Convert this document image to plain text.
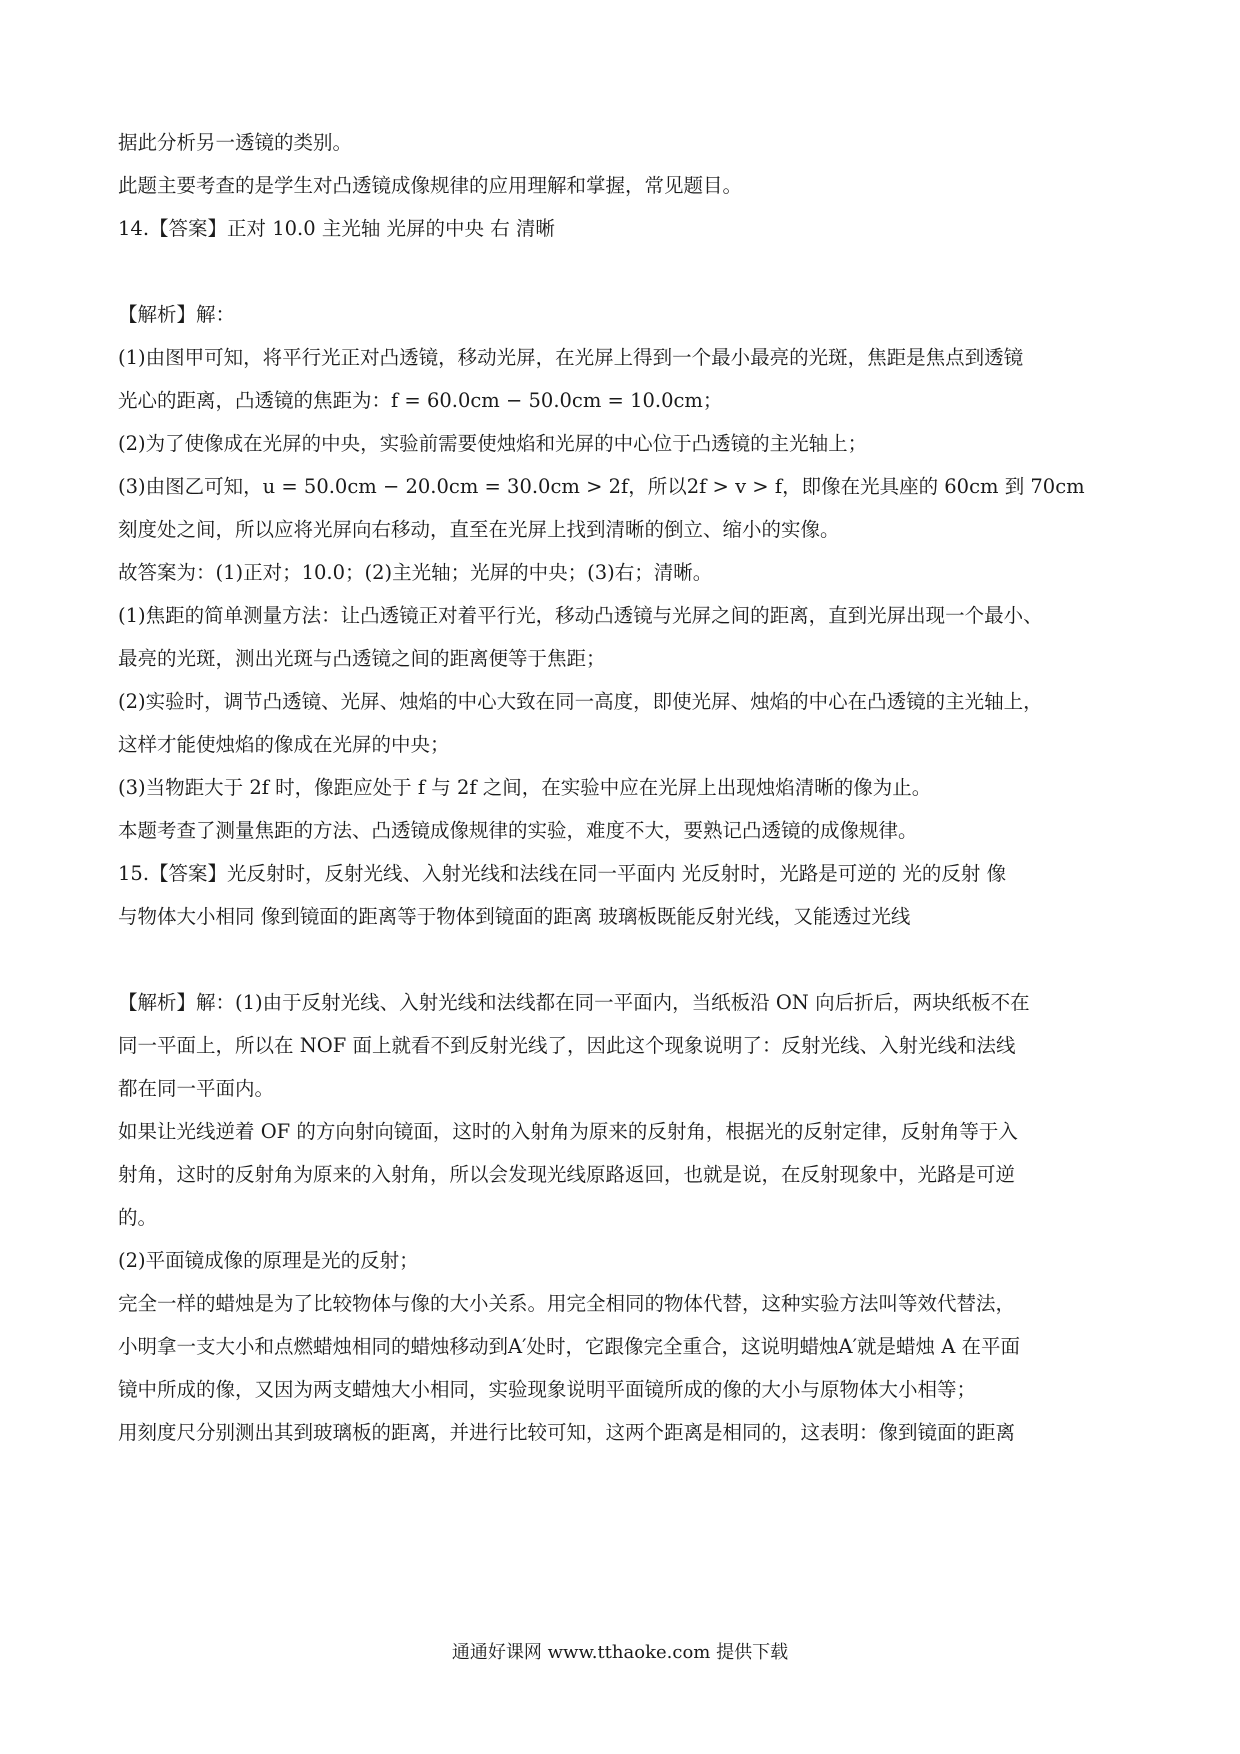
据此分析另一透镜的类别。
此题主要考查的是学生对凸透镜成像规律的应用理解和掌握，常见题目。
14.【答案】正对 10.0 主光轴 光屏的中央 右 清晰
【解析】解：
(1)由图甲可知，将平行光正对凸透镜，移动光屏，在光屏上得到一个最小最亮的光斑，焦距是焦点到透镜
光心的距离，凸透镜的焦距为：f = 60.0cm − 50.0cm = 10.0cm；
(2)为了使像成在光屏的中央，实验前需要使烛焰和光屏的中心位于凸透镜的主光轴上；
(3)由图乙可知，u = 50.0cm − 20.0cm = 30.0cm > 2f，所以2f > v > f，即像在光具座的 60cm 到 70cm
刻度处之间，所以应将光屏向右移动，直至在光屏上找到清晰的倒立、缩小的实像。
故答案为：(1)正对；10.0；(2)主光轴；光屏的中央；(3)右；清晰。
(1)焦距的简单测量方法：让凸透镜正对着平行光，移动凸透镜与光屏之间的距离，直到光屏出现一个最小、
最亮的光斑，测出光斑与凸透镜之间的距离便等于焦距；
(2)实验时，调节凸透镜、光屏、烛焰的中心大致在同一高度，即使光屏、烛焰的中心在凸透镜的主光轴上，
这样才能使烛焰的像成在光屏的中央；
(3)当物距大于 2f 时，像距应处于 f 与 2f 之间，在实验中应在光屏上出现烛焰清晰的像为止。
本题考查了测量焦距的方法、凸透镜成像规律的实验，难度不大，要熟记凸透镜的成像规律。
15.【答案】光反射时，反射光线、入射光线和法线在同一平面内 光反射时，光路是可逆的 光的反射 像
与物体大小相同 像到镜面的距离等于物体到镜面的距离 玻璃板既能反射光线，又能透过光线
【解析】解：(1)由于反射光线、入射光线和法线都在同一平面内，当纸板沿 ON 向后折后，两块纸板不在
同一平面上，所以在 NOF 面上就看不到反射光线了，因此这个现象说明了：反射光线、入射光线和法线
都在同一平面内。
如果让光线逆着 OF 的方向射向镜面，这时的入射角为原来的反射角，根据光的反射定律，反射角等于入
射角，这时的反射角为原来的入射角，所以会发现光线原路返回，也就是说，在反射现象中，光路是可逆
的。
(2)平面镜成像的原理是光的反射；
完全一样的蜡烛是为了比较物体与像的大小关系。用完全相同的物体代替，这种实验方法叫等效代替法，
小明拿一支大小和点燃蜡烛相同的蜡烛移动到A′处时，它跟像完全重合，这说明蜡烛A′就是蜡烛 A 在平面
镜中所成的像，又因为两支蜡烛大小相同，实验现象说明平面镜所成的像的大小与原物体大小相等；
用刻度尺分别测出其到玻璃板的距离，并进行比较可知，这两个距离是相同的，这表明：像到镜面的距离
通通好课网 www.tthaoke.com 提供下载
